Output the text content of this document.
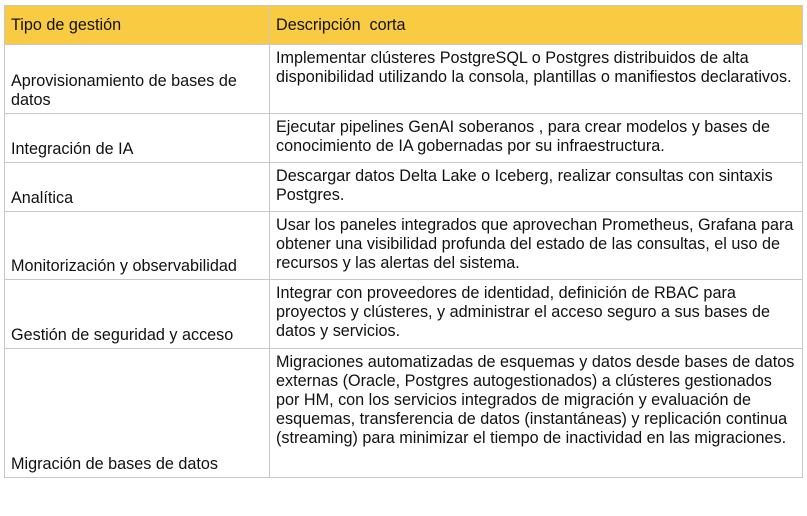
Tipo de gestión	Descripción  corta
Aprovisionamiento de bases de datos	Implementar clústeres PostgreSQL o Postgres distribuidos de alta disponibilidad utilizando la consola, plantillas o manifiestos declarativos.
Integración de IA	Ejecutar pipelines GenAI soberanos , para crear modelos y bases de conocimiento de IA gobernadas por su infraestructura.
Analítica	Descargar datos Delta Lake o Iceberg, realizar consultas con sintaxis Postgres.
Monitorización y observabilidad	Usar los paneles integrados que aprovechan Prometheus, Grafana para obtener una visibilidad profunda del estado de las consultas, el uso de recursos y las alertas del sistema.
Gestión de seguridad y acceso	Integrar con proveedores de identidad, definición de RBAC para proyectos y clústeres, y administrar el acceso seguro a sus bases de datos y servicios.
Migración de bases de datos	Migraciones automatizadas de esquemas y datos desde bases de datos externas (Oracle, Postgres autogestionados) a clústeres gestionados por HM, con los servicios integrados de migración y evaluación de esquemas, transferencia de datos (instantáneas) y replicación continua (streaming) para minimizar el tiempo de inactividad en las migraciones.
